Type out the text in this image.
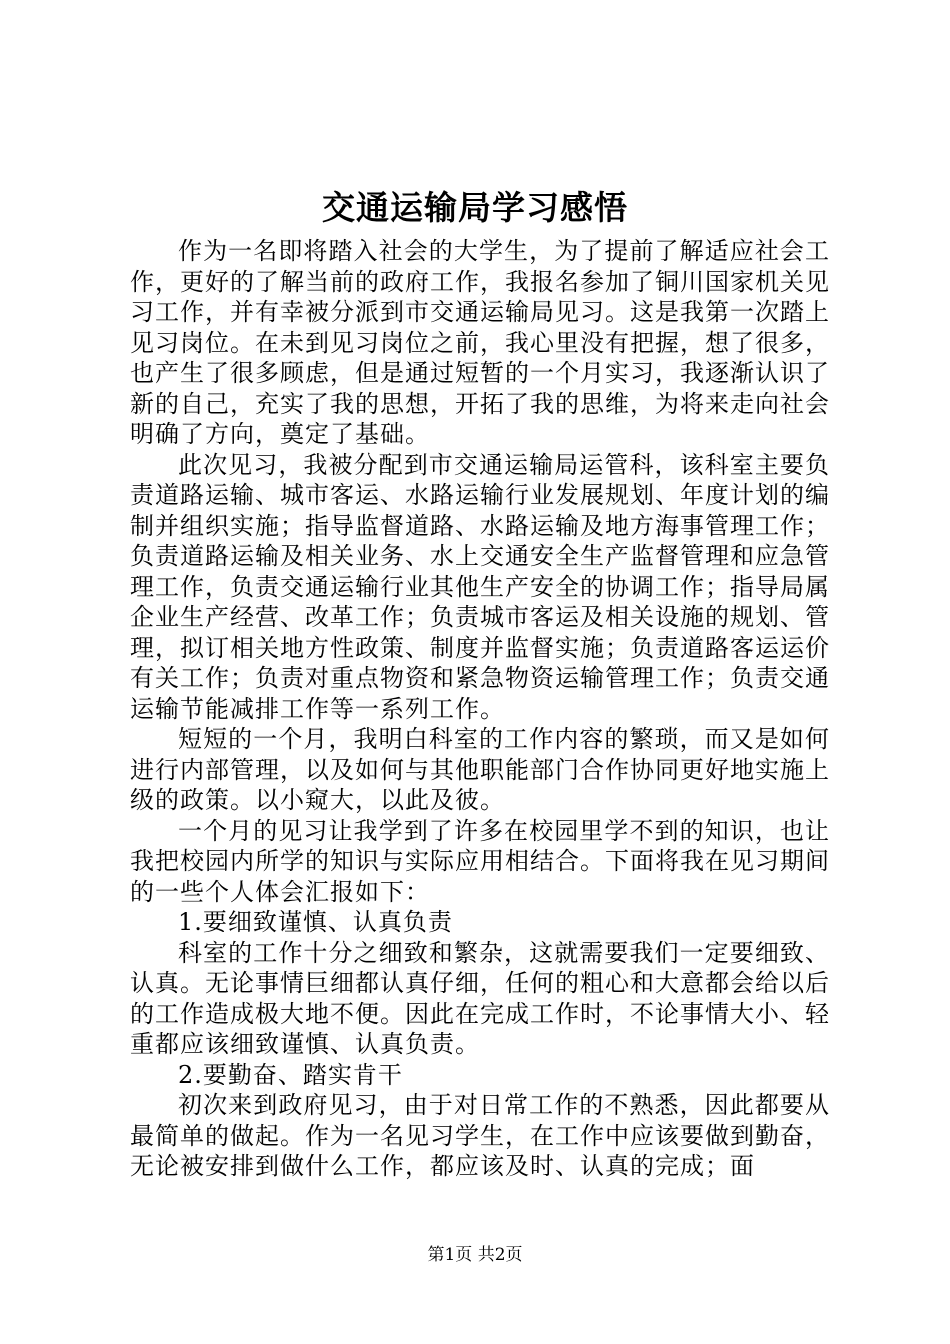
交通运输局学习感悟

作为一名即将踏入社会的大学生，为了提前了解适应社会工作，更好的了解当前的政府工作，我报名参加了铜川国家机关见习工作，并有幸被分派到市交通运输局见习。这是我第一次踏上见习岗位。在未到见习岗位之前，我心里没有把握，想了很多，也产生了很多顾虑，但是通过短暂的一个月实习，我逐渐认识了新的自己，充实了我的思想，开拓了我的思维，为将来走向社会明确了方向，奠定了基础。

此次见习，我被分配到市交通运输局运管科，该科室主要负责道路运输、城市客运、水路运输行业发展规划、年度计划的编制并组织实施；指导监督道路、水路运输及地方海事管理工作；负责道路运输及相关业务、水上交通安全生产监督管理和应急管理工作，负责交通运输行业其他生产安全的协调工作；指导局属企业生产经营、改革工作；负责城市客运及相关设施的规划、管理，拟订相关地方性政策、制度并监督实施；负责道路客运运价有关工作；负责对重点物资和紧急物资运输管理工作；负责交通运输节能减排工作等一系列工作。

短短的一个月，我明白科室的工作内容的繁琐，而又是如何进行内部管理，以及如何与其他职能部门合作协同更好地实施上级的政策。以小窥大，以此及彼。

一个月的见习让我学到了许多在校园里学不到的知识，也让我把校园内所学的知识与实际应用相结合。下面将我在见习期间的一些个人体会汇报如下：

1.要细致谨慎、认真负责

科室的工作十分之细致和繁杂，这就需要我们一定要细致、认真。无论事情巨细都认真仔细，任何的粗心和大意都会给以后的工作造成极大地不便。因此在完成工作时，不论事情大小、轻重都应该细致谨慎、认真负责。

2.要勤奋、踏实肯干

初次来到政府见习，由于对日常工作的不熟悉，因此都要从最简单的做起。作为一名见习学生，在工作中应该要做到勤奋，无论被安排到做什么工作，都应该及时、认真的完成；面

第1页 共2页
